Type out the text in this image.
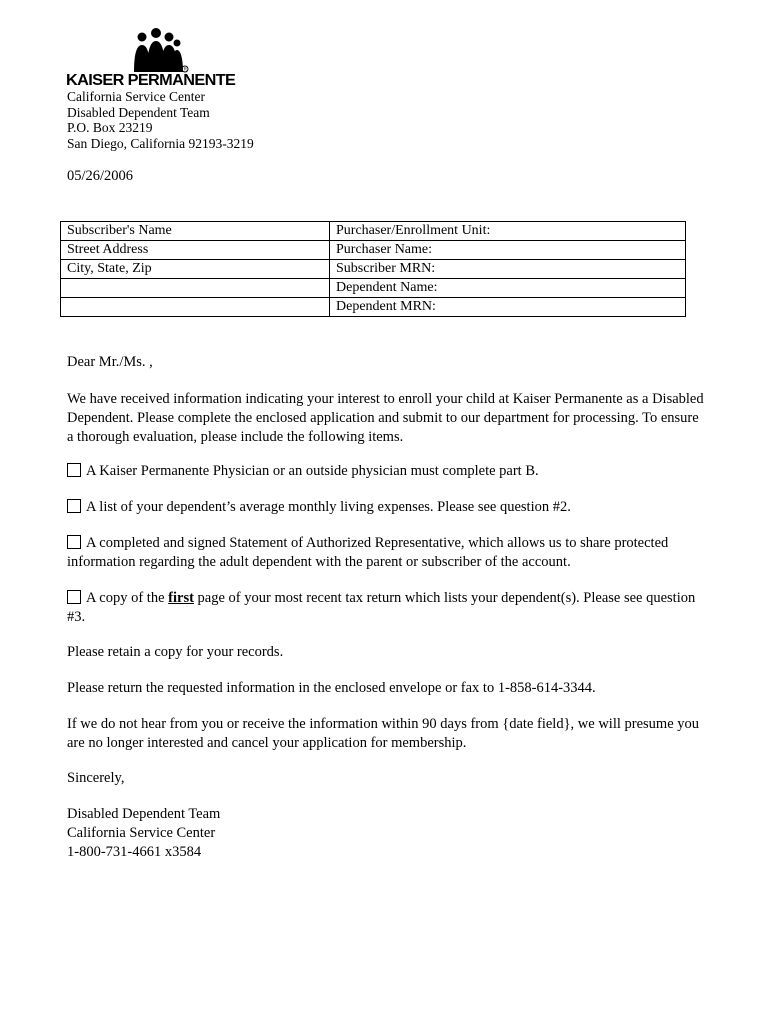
R
KAISER PERMANENTE
California Service Center
Disabled Dependent Team
P.O. Box 23219
San Diego, California 92193-3219
05/26/2006
Subscriber's Name	Purchaser/Enrollment Unit:
Street Address	Purchaser Name:
City, State, Zip	Subscriber MRN:
	Dependent Name:
	Dependent MRN:
Dear Mr./Ms. ,
We have received information indicating your interest to enroll your child at Kaiser Permanente as a Disabled Dependent. Please complete the enclosed application and submit to our department for processing. To ensure a thorough evaluation, please include the following items.
A Kaiser Permanente Physician or an outside physician must complete part B.
A list of your dependent’s average monthly living expenses. Please see question #2.
A completed and signed Statement of Authorized Representative, which allows us to share protected information regarding the adult dependent with the parent or subscriber of the account.
A copy of the first page of your most recent tax return which lists your dependent(s). Please see question #3.
Please retain a copy for your records.
Please return the requested information in the enclosed envelope or fax to 1-858-614-3344.
If we do not hear from you or receive the information within 90 days from {date field}, we will presume you are no longer interested and cancel your application for membership.
Sincerely,
Disabled Dependent Team
California Service Center
1-800-731-4661 x3584
